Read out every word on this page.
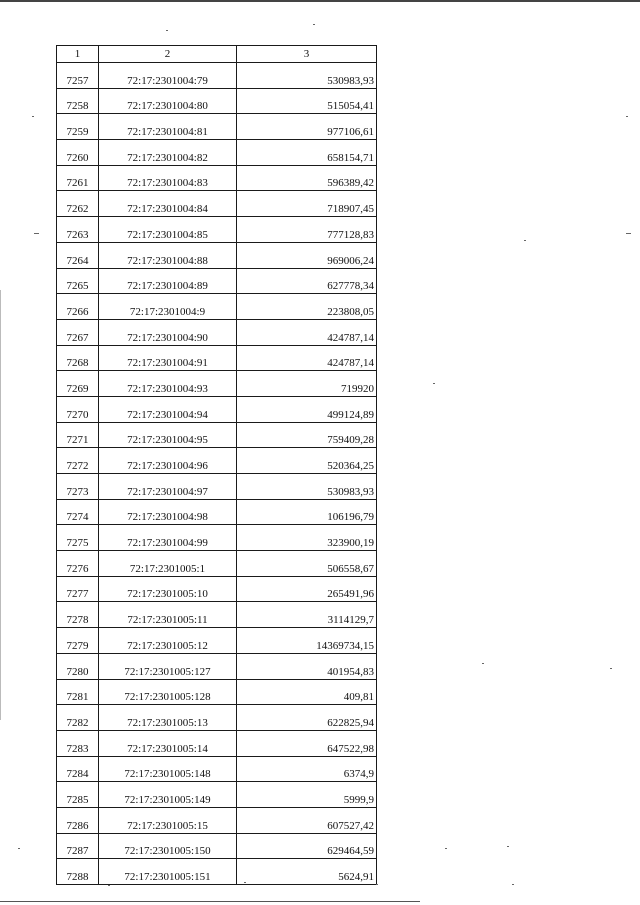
1	2	3
7257	72:17:2301004:79	530983,93
7258	72:17:2301004:80	515054,41
7259	72:17:2301004:81	977106,61
7260	72:17:2301004:82	658154,71
7261	72:17:2301004:83	596389,42
7262	72:17:2301004:84	718907,45
7263	72:17:2301004:85	777128,83
7264	72:17:2301004:88	969006,24
7265	72:17:2301004:89	627778,34
7266	72:17:2301004:9	223808,05
7267	72:17:2301004:90	424787,14
7268	72:17:2301004:91	424787,14
7269	72:17:2301004:93	719920
7270	72:17:2301004:94	499124,89
7271	72:17:2301004:95	759409,28
7272	72:17:2301004:96	520364,25
7273	72:17:2301004:97	530983,93
7274	72:17:2301004:98	106196,79
7275	72:17:2301004:99	323900,19
7276	72:17:2301005:1	506558,67
7277	72:17:2301005:10	265491,96
7278	72:17:2301005:11	3114129,7
7279	72:17:2301005:12	14369734,15
7280	72:17:2301005:127	401954,83
7281	72:17:2301005:128	409,81
7282	72:17:2301005:13	622825,94
7283	72:17:2301005:14	647522,98
7284	72:17:2301005:148	6374,9
7285	72:17:2301005:149	5999,9
7286	72:17:2301005:15	607527,42
7287	72:17:2301005:150	629464,59
7288	72:17:2301005:151	5624,91
